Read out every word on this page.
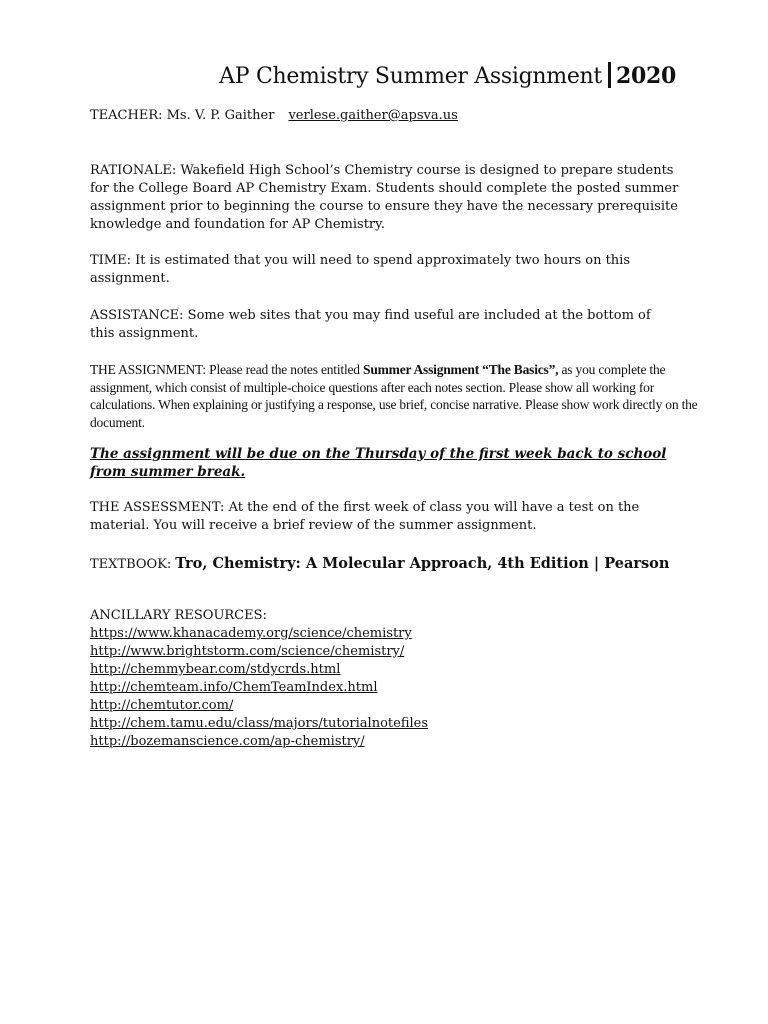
AP Chemistry Summer Assignment 2020
TEACHER: Ms. V. P. Gaither verlese.gaither@apsva.us
RATIONALE: Wakefield High School’s Chemistry course is designed to prepare students for the College Board AP Chemistry Exam. Students should complete the posted summer assignment prior to beginning the course to ensure they have the necessary prerequisite knowledge and foundation for AP Chemistry.
TIME: It is estimated that you will need to spend approximately two hours on this assignment.
ASSISTANCE: Some web sites that you may find useful are included at the bottom of this assignment.
THE ASSIGNMENT: Please read the notes entitled Summer Assignment “The Basics”, as you complete the assignment, which consist of multiple-choice questions after each notes section. Please show all working for calculations. When explaining or justifying a response, use brief, concise narrative. Please show work directly on the document.
The assignment will be due on the Thursday of the first week back to school from summer break.
THE ASSESSMENT: At the end of the first week of class you will have a test on the material. You will receive a brief review of the summer assignment.
TEXTBOOK: Tro, Chemistry: A Molecular Approach, 4th Edition | Pearson
ANCILLARY RESOURCES:
https://www.khanacademy.org/science/chemistry
http://www.brightstorm.com/science/chemistry/
http://chemmybear.com/stdycrds.html
http://chemteam.info/ChemTeamIndex.html
http://chemtutor.com/
http://chem.tamu.edu/class/majors/tutorialnotefiles
http://bozemanscience.com/ap-chemistry/
